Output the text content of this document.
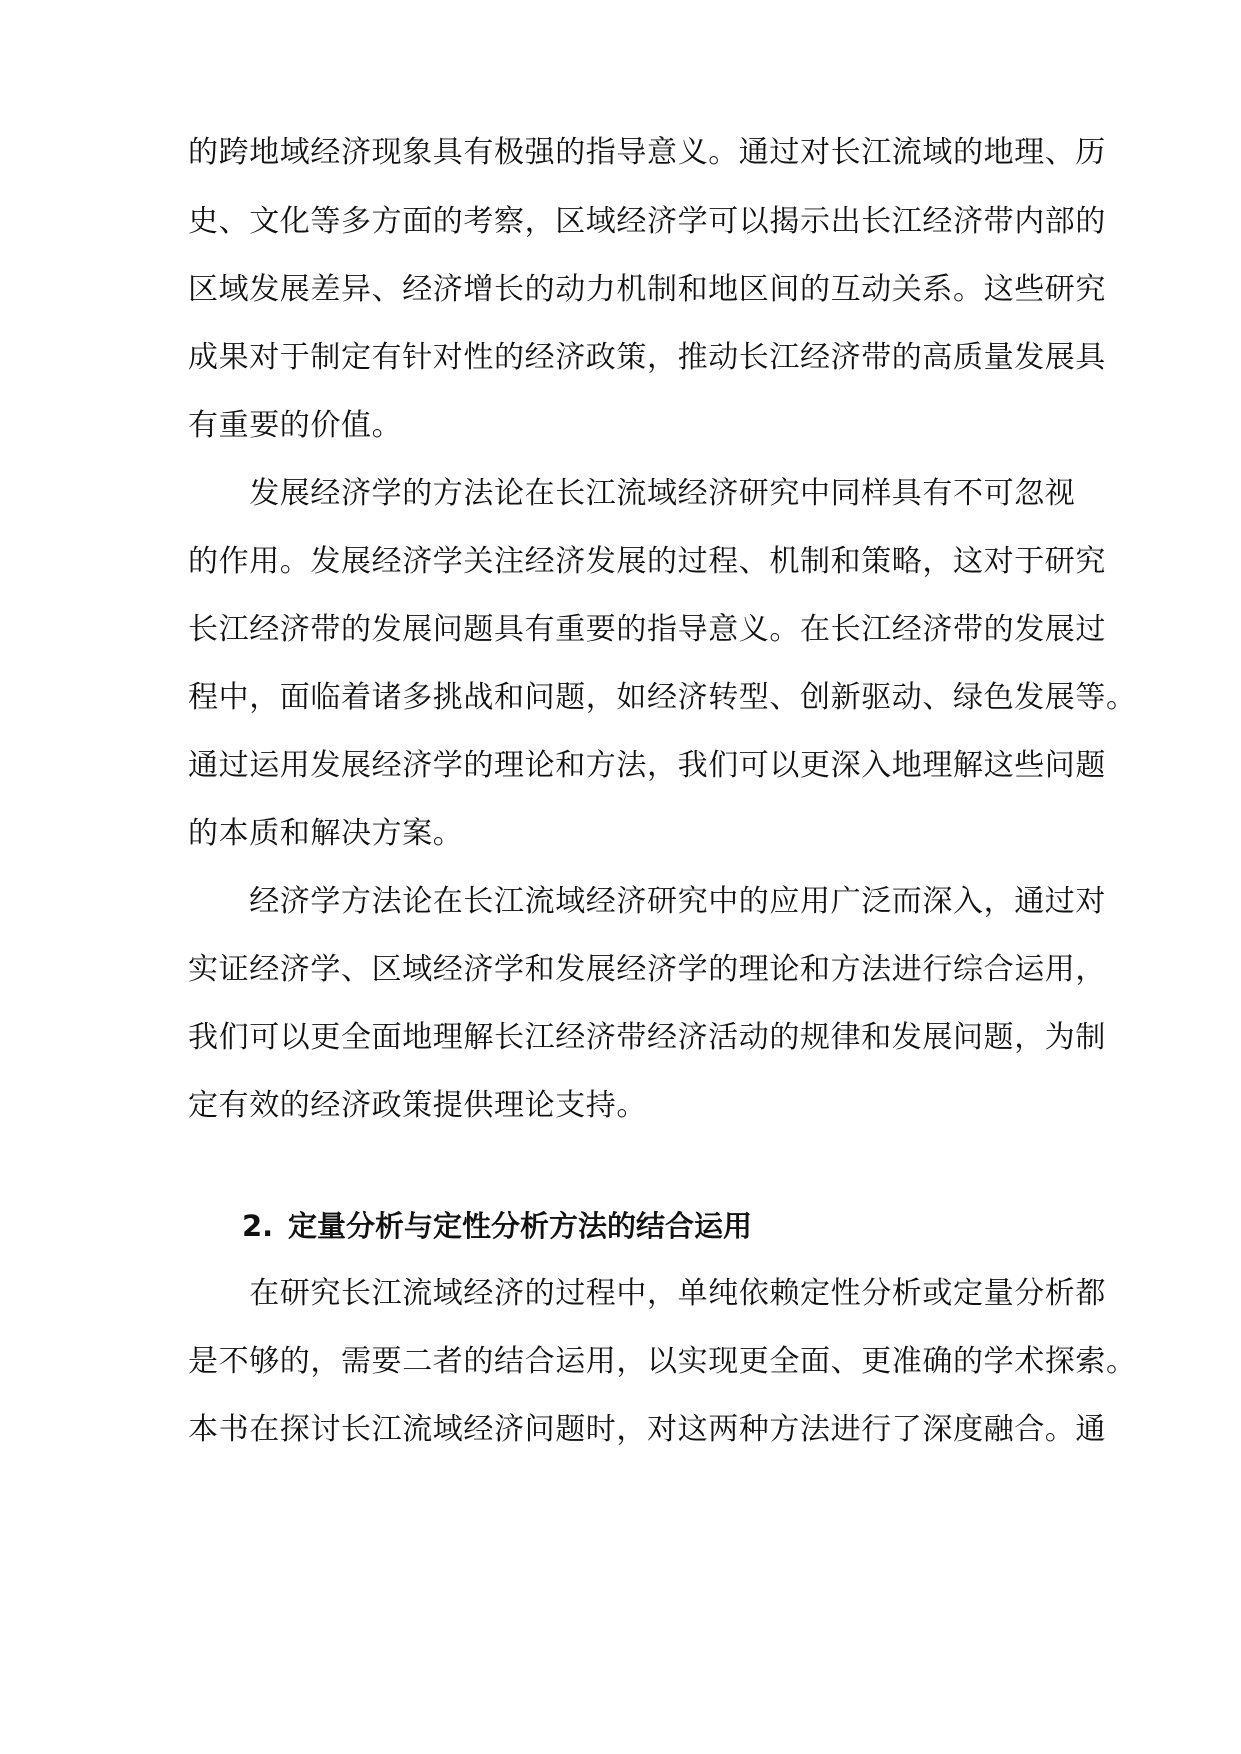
的跨地域经济现象具有极强的指导意义。通过对长江流域的地理、历
史、文化等多方面的考察，区域经济学可以揭示出长江经济带内部的
区域发展差异、经济增长的动力机制和地区间的互动关系。这些研究
成果对于制定有针对性的经济政策，推动长江经济带的高质量发展具
有重要的价值。
　　发展经济学的方法论在长江流域经济研究中同样具有不可忽视
的作用。发展经济学关注经济发展的过程、机制和策略，这对于研究
长江经济带的发展问题具有重要的指导意义。在长江经济带的发展过
程中，面临着诸多挑战和问题，如经济转型、创新驱动、绿色发展等。
通过运用发展经济学的理论和方法，我们可以更深入地理解这些问题
的本质和解决方案。
　　经济学方法论在长江流域经济研究中的应用广泛而深入，通过对
实证经济学、区域经济学和发展经济学的理论和方法进行综合运用，
我们可以更全面地理解长江经济带经济活动的规律和发展问题，为制
定有效的经济政策提供理论支持。
2. 定量分析与定性分析方法的结合运用
　　在研究长江流域经济的过程中，单纯依赖定性分析或定量分析都
是不够的，需要二者的结合运用，以实现更全面、更准确的学术探索。
本书在探讨长江流域经济问题时，对这两种方法进行了深度融合。通
